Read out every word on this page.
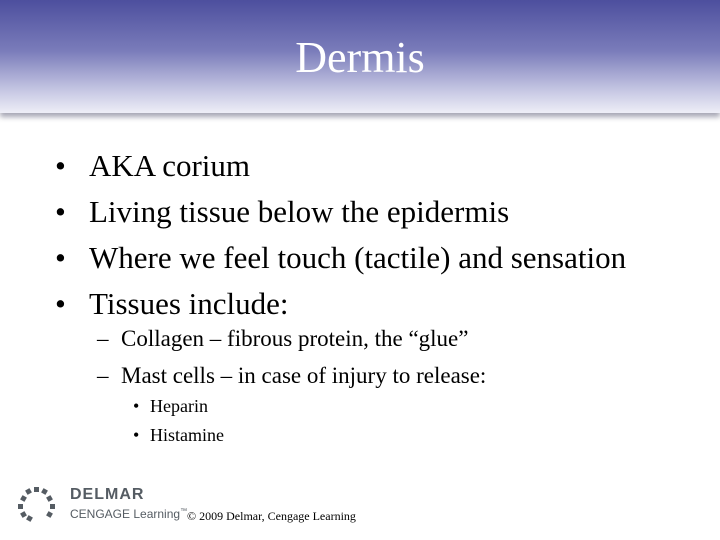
Dermis
• AKA corium
• Living tissue below the epidermis
• Where we feel touch (tactile) and sensation
• Tissues include:
– Collagen – fibrous protein, the “glue”
– Mast cells – in case of injury to release:
• Heparin
• Histamine
DELMAR
CENGAGE Learning™ © 2009 Delmar, Cengage Learning
